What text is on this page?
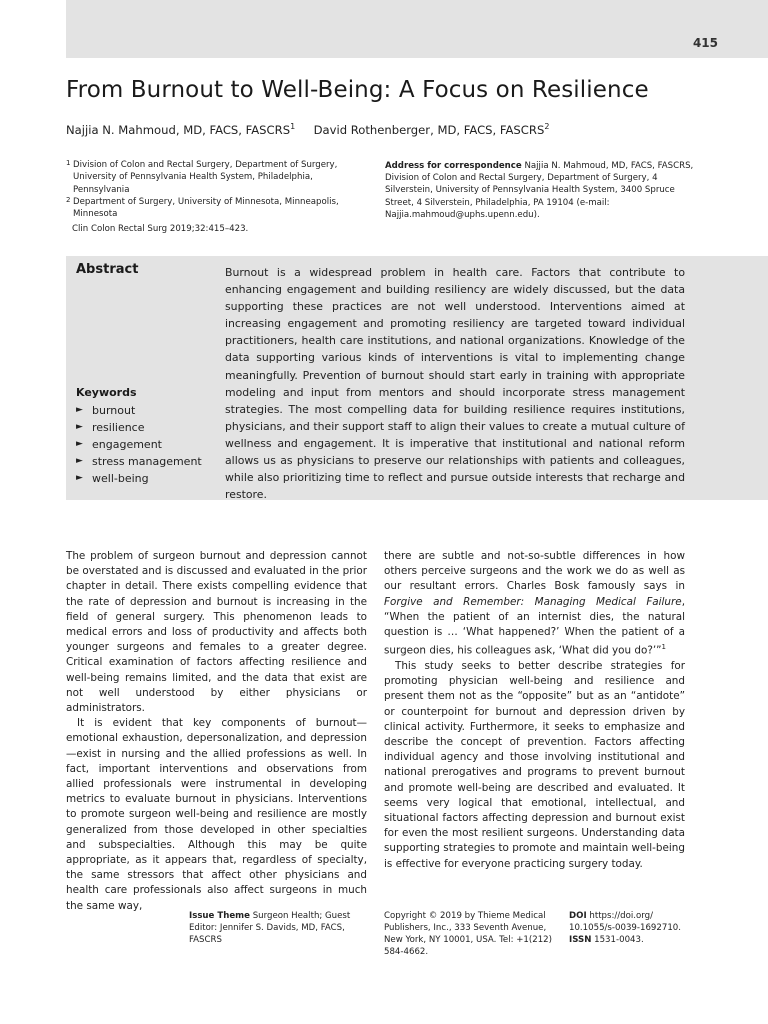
415
From Burnout to Well-Being: A Focus on Resilience
Najjia N. Mahmoud, MD, FACS, FASCRS$^1$ David Rothenberger, MD, FACS, FASCRS$^2$
1 Division of Colon and Rectal Surgery, Department of Surgery, University of Pennsylvania Health System, Philadelphia, Pennsylvania
2 Department of Surgery, University of Minnesota, Minneapolis, Minnesota
Clin Colon Rectal Surg 2019;32:415–423.
Address for correspondence Najjia N. Mahmoud, MD, FACS, FASCRS, Division of Colon and Rectal Surgery, Department of Surgery, 4 Silverstein, University of Pennsylvania Health System, 3400 Spruce Street, 4 Silverstein, Philadelphia, PA 19104 (e-mail: Najjia.mahmoud@uphs.upenn.edu).
Abstract	Burnout is a widespread problem in health care. Factors that contribute to enhancing engagement and building resiliency are widely discussed, but the data supporting these practices are not well understood. Interventions aimed at increasing engagement and promoting resiliency are targeted toward individual practitioners, health care institutions, and national organizations. Knowledge of the data supporting various kinds of interventions is vital to implementing change meaningfully. Prevention of burnout should start early in training with appropriate modeling and input from mentors and should incorporate stress management strategies. The most compelling data for building resilience requires institutions, physicians, and their support staff to align their values to create a mutual culture of wellness and engagement. It is imperative that institutional and national reform allows us as physicians to preserve our relationships with patients and colleagues, while also prioritizing time to reflect and pursue outside interests that recharge and restore.
Keywords
► burnout
► resilience
► engagement
► stress management
► well-being

The problem of surgeon burnout and depression cannot be overstated and is discussed and evaluated in the prior chapter in detail. There exists compelling evidence that the rate of depression and burnout is increasing in the field of general surgery. This phenomenon leads to medical errors and loss of productivity and affects both younger surgeons and females to a greater degree. Critical examination of factors affecting resilience and well-being remains limited, and the data that exist are not well understood by either physicians or administrators.

It is evident that key components of burnout—emotional exhaustion, depersonalization, and depression—exist in nursing and the allied professions as well. In fact, important interventions and observations from allied professionals were instrumental in developing metrics to evaluate burnout in physicians. Interventions to promote surgeon well-being and resilience are mostly generalized from those developed in other specialties and subspecialties. Although this may be quite appropriate, as it appears that, regardless of specialty, the same stressors that affect other physicians and health care professionals also affect surgeons in much the same way,

there are subtle and not-so-subtle differences in how others perceive surgeons and the work we do as well as our resultant errors. Charles Bosk famously says in Forgive and Remember: Managing Medical Failure, “When the patient of an internist dies, the natural question is … ‘What happened?’ When the patient of a surgeon dies, his colleagues ask, ‘What did you do?’”$^1$

This study seeks to better describe strategies for promoting physician well-being and resilience and present them not as the “opposite” but as an “antidote” or counterpoint for burnout and depression driven by clinical activity. Furthermore, it seeks to emphasize and describe the concept of prevention. Factors affecting individual agency and those involving institutional and national prerogatives and programs to prevent burnout and promote well-being are described and evaluated. It seems very logical that emotional, intellectual, and situational factors affecting depression and burnout exist for even the most resilient surgeons. Understanding data supporting strategies to promote and maintain well-being is effective for everyone practicing surgery today.

Issue Theme Surgeon Health; Guest Editor: Jennifer S. Davids, MD, FACS, FASCRS
Copyright © 2019 by Thieme Medical Publishers, Inc., 333 Seventh Avenue, New York, NY 10001, USA. Tel: +1(212) 584-4662.
DOI https://doi.org/ 10.1055/s-0039-1692710.
ISSN 1531-0043.
